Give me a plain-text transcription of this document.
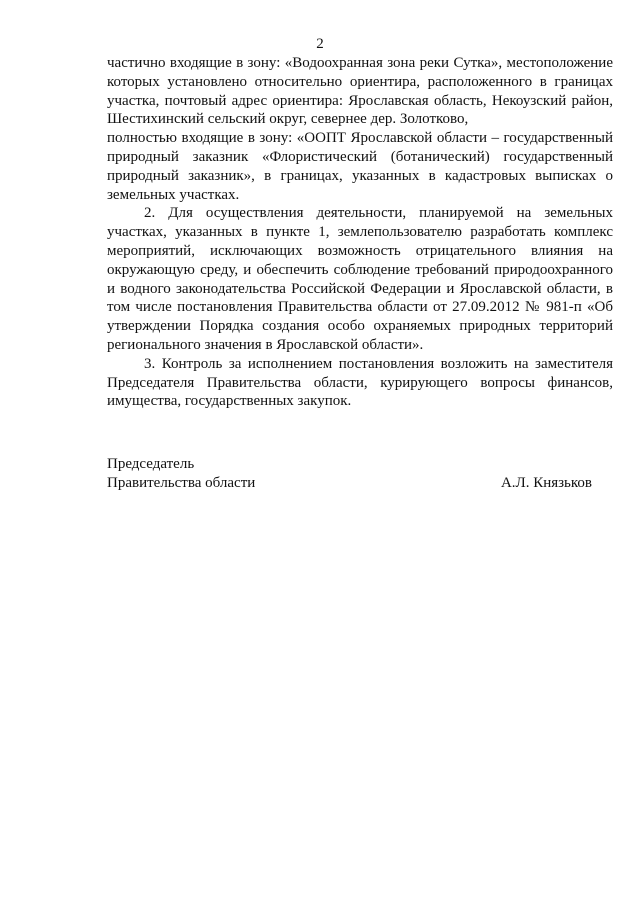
2

частично входящие в зону: «Водоохранная зона реки Сутка», местоположение которых установлено относительно ориентира, расположенного в границах участка, почтовый адрес ориентира: Ярославская область, Некоузский район, Шестихинский сельский округ, севернее дер. Золотково,

полностью входящие в зону: «ООПТ Ярославской области – государственный природный заказник «Флористический (ботанический) государственный природный заказник», в границах, указанных в кадастровых выписках о земельных участках.

2. Для осуществления деятельности, планируемой на земельных участках, указанных в пункте 1, землепользователю разработать комплекс мероприятий, исключающих возможность отрицательного влияния на окружающую среду, и обеспечить соблюдение требований природоохранного и водного законодательства Российской Федерации и Ярославской области, в том числе постановления Правительства области от 27.09.2012 № 981-п «Об утверждении Порядка создания особо охраняемых природных территорий регионального значения в Ярославской области».

3. Контроль за исполнением постановления возложить на заместителя Председателя Правительства области, курирующего вопросы финансов, имущества, государственных закупок.

Председатель
Правительства области	А.Л. Князьков
